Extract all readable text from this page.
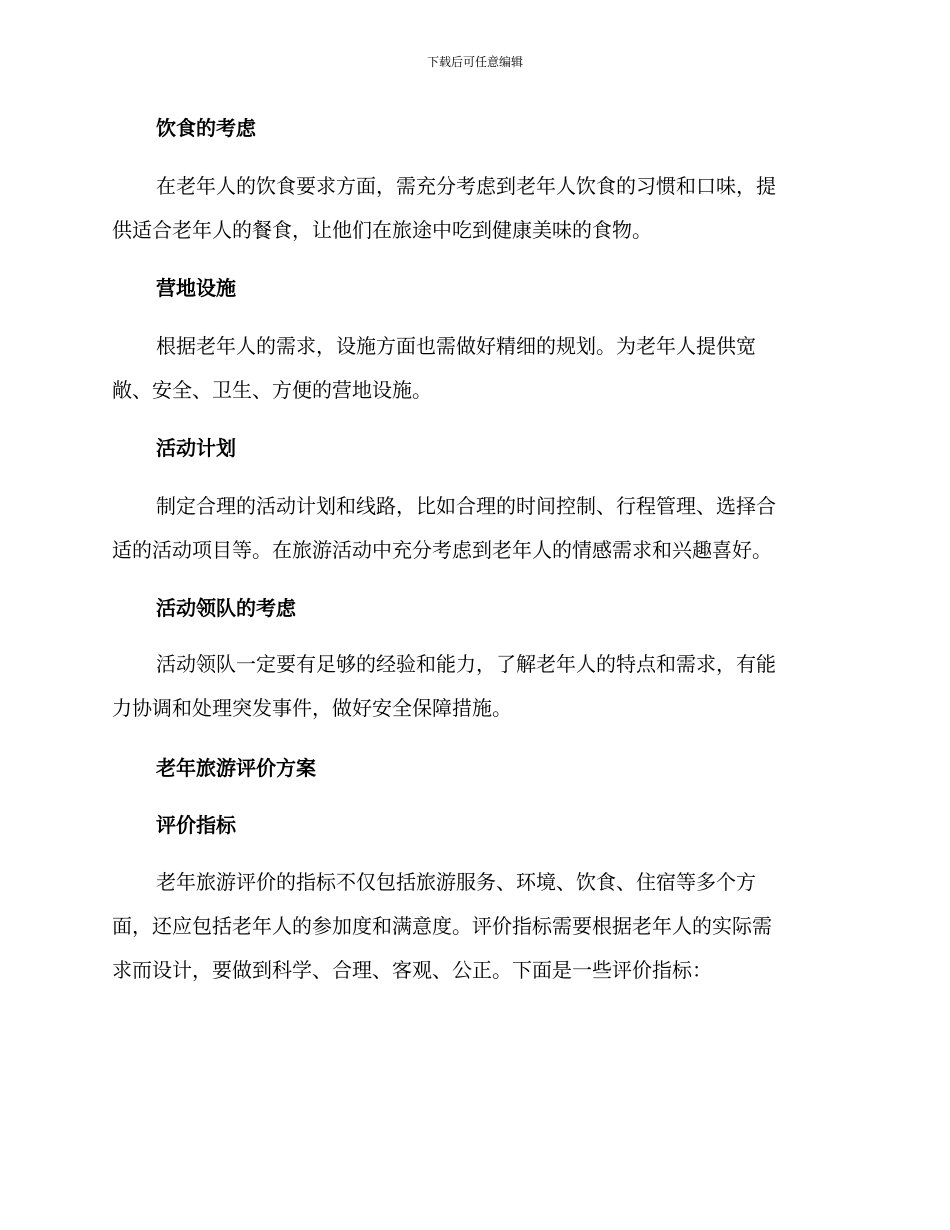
下载后可任意编辑
饮食的考虑
在老年人的饮食要求方面，需充分考虑到老年人饮食的习惯和口味，提
供适合老年人的餐食，让他们在旅途中吃到健康美味的食物。
营地设施
根据老年人的需求，设施方面也需做好精细的规划。为老年人提供宽
敞、安全、卫生、方便的营地设施。
活动计划
制定合理的活动计划和线路，比如合理的时间控制、行程管理、选择合
适的活动项目等。在旅游活动中充分考虑到老年人的情感需求和兴趣喜好。
活动领队的考虑
活动领队一定要有足够的经验和能力，了解老年人的特点和需求，有能
力协调和处理突发事件，做好安全保障措施。
老年旅游评价方案
评价指标
老年旅游评价的指标不仅包括旅游服务、环境、饮食、住宿等多个方
面，还应包括老年人的参加度和满意度。评价指标需要根据老年人的实际需
求而设计，要做到科学、合理、客观、公正。下面是一些评价指标：
